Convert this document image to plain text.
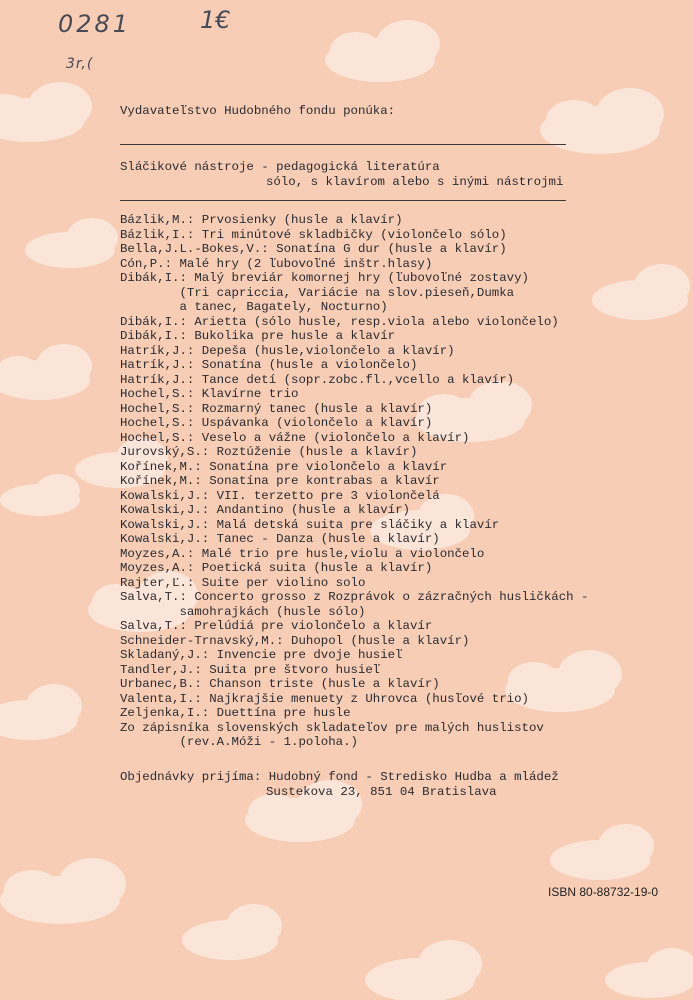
0281	1€
3r,(
Vydavateľstvo Hudobného fondu ponúka:
Sláčikové nástroje - pedagogická literatúra
sólo, s klavírom alebo s inými nástrojmi
Bázlik,M.: Prvosienky (husle a klavír)
Bázlik,I.: Tri minútové skladbičky (violončelo sólo)
Bella,J.L.-Bokes,V.: Sonatína G dur (husle a klavír)
Cón,P.: Malé hry (2 ľubovoľné inštr.hlasy)
Dibák,I.: Malý breviár komornej hry (ľubovoľné zostavy)
(Tri capriccia, Variácie na slov.pieseň,Dumka
a tanec, Bagately, Nocturno)
Dibák,I.: Arietta (sólo husle, resp.viola alebo violončelo)
Dibák,I.: Bukolika pre husle a klavír
Hatrík,J.: Depeša (husle,violončelo a klavír)
Hatrík,J.: Sonatína (husle a violončelo)
Hatrík,J.: Tance detí (sopr.zobc.fl.,vcello a klavír)
Hochel,S.: Klavírne trio
Hochel,S.: Rozmarný tanec (husle a klavír)
Hochel,S.: Uspávanka (violončelo a klavír)
Hochel,S.: Veselo a vážne (violončelo a klavír)
Jurovský,S.: Roztúženie (husle a klavír)
Kořínek,M.: Sonatína pre violončelo a klavír
Kořínek,M.: Sonatína pre kontrabas a klavír
Kowalski,J.: VII. terzetto pre 3 violončelá
Kowalski,J.: Andantino (husle a klavír)
Kowalski,J.: Malá detská suita pre sláčiky a klavír
Kowalski,J.: Tanec - Danza (husle a klavír)
Moyzes,A.: Malé trio pre husle,violu a violončelo
Moyzes,A.: Poetická suita (husle a klavír)
Rajter,Ľ.: Suite per violino solo
Salva,T.: Concerto grosso z Rozprávok o zázračných husličkách -
samohrajkách (husle sólo)
Salva,T.: Prelúdiá pre violončelo a klavír
Schneider-Trnavský,M.: Duhopol (husle a klavír)
Skladaný,J.: Invencie pre dvoje husieľ
Tandler,J.: Suita pre štvoro husieľ
Urbanec,B.: Chanson triste (husle a klavír)
Valenta,I.: Najkrajšie menuety z Uhrovca (husľové trio)
Zeljenka,I.: Duettína pre husle
Zo zápisníka slovenských skladateľov pre malých huslistov
(rev.A.Móži - 1.poloha.)
Objednávky prijíma: Hudobný fond - Stredisko Hudba a mládež
Sustekova 23, 851 04 Bratislava
ISBN 80-88732-19-0
